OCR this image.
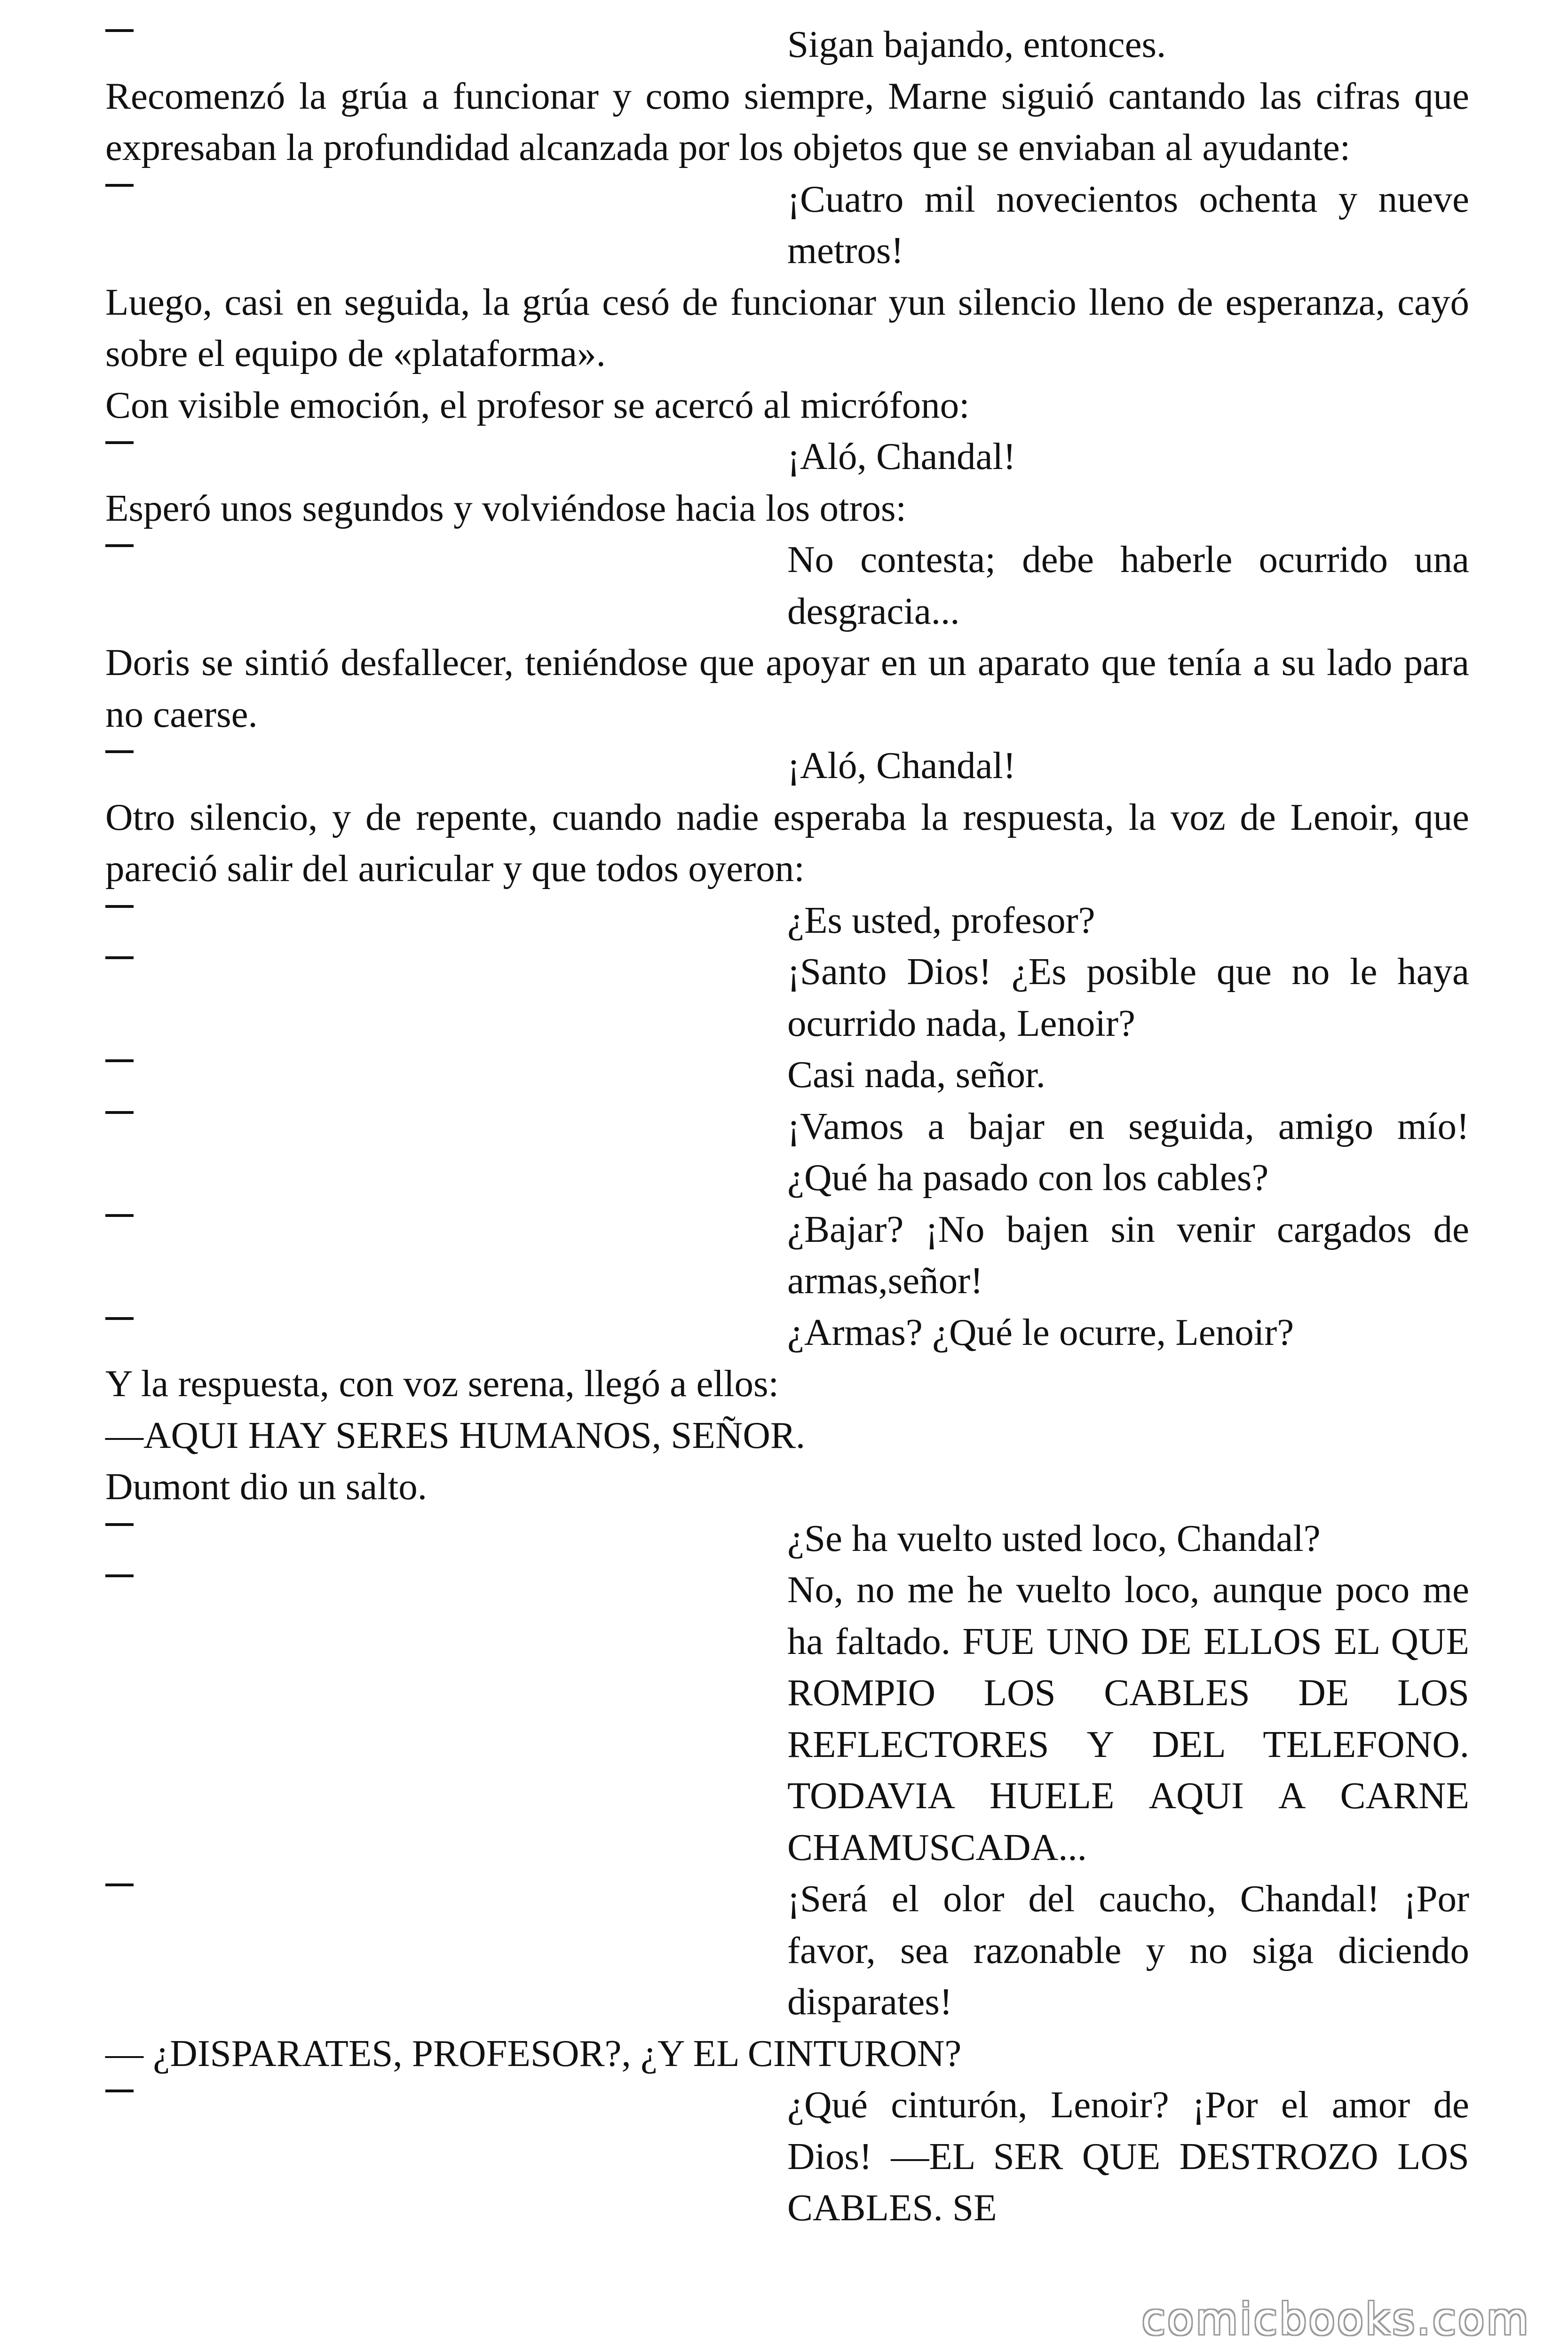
Sigan bajando, entonces.
Recomenzó la grúa a funcionar y como siempre, Marne siguió cantando las cifras que expresaban la profundidad alcanzada por los objetos que se enviaban al ayudante:
¡Cuatro mil novecientos ochenta y nueve metros!
Luego, casi en seguida, la grúa cesó de funcionar yun silencio lleno de esperanza, cayó sobre el equipo de «plataforma».
Con visible emoción, el profesor se acercó al micrófono:
¡Aló, Chandal!
Esperó unos segundos y volviéndose hacia los otros:
No contesta; debe haberle ocurrido una desgracia...
Doris se sintió desfallecer, teniéndose que apoyar en un aparato que tenía a su lado para no caerse.
¡Aló, Chandal!
Otro silencio, y de repente, cuando nadie esperaba la respuesta, la voz de Lenoir, que pareció salir del auricular y que todos oyeron:
¿Es usted, profesor?
¡Santo Dios! ¿Es posible que no le haya ocurrido nada, Lenoir?
Casi nada, señor.
¡Vamos a bajar en seguida, amigo mío! ¿Qué ha pasado con los cables?
¿Bajar? ¡No bajen sin venir cargados de armas,señor!
¿Armas? ¿Qué le ocurre, Lenoir?
Y la respuesta, con voz serena, llegó a ellos:
—AQUI HAY SERES HUMANOS, SEÑOR.
Dumont dio un salto.
¿Se ha vuelto usted loco, Chandal?
No, no me he vuelto loco, aunque poco me ha faltado. FUE UNO DE ELLOS EL QUE ROMPIO LOS CABLES DE LOS REFLECTORES Y DEL TELEFONO. TODAVIA HUELE AQUI A CARNE CHAMUSCADA...
¡Será el olor del caucho, Chandal! ¡Por favor, sea razonable y no siga diciendo disparates!
— ¿DISPARATES, PROFESOR?, ¿Y EL CINTURON?
¿Qué cinturón, Lenoir? ¡Por el amor de Dios! —EL SER QUE DESTROZO LOS CABLES. SE
comicbooks.com
